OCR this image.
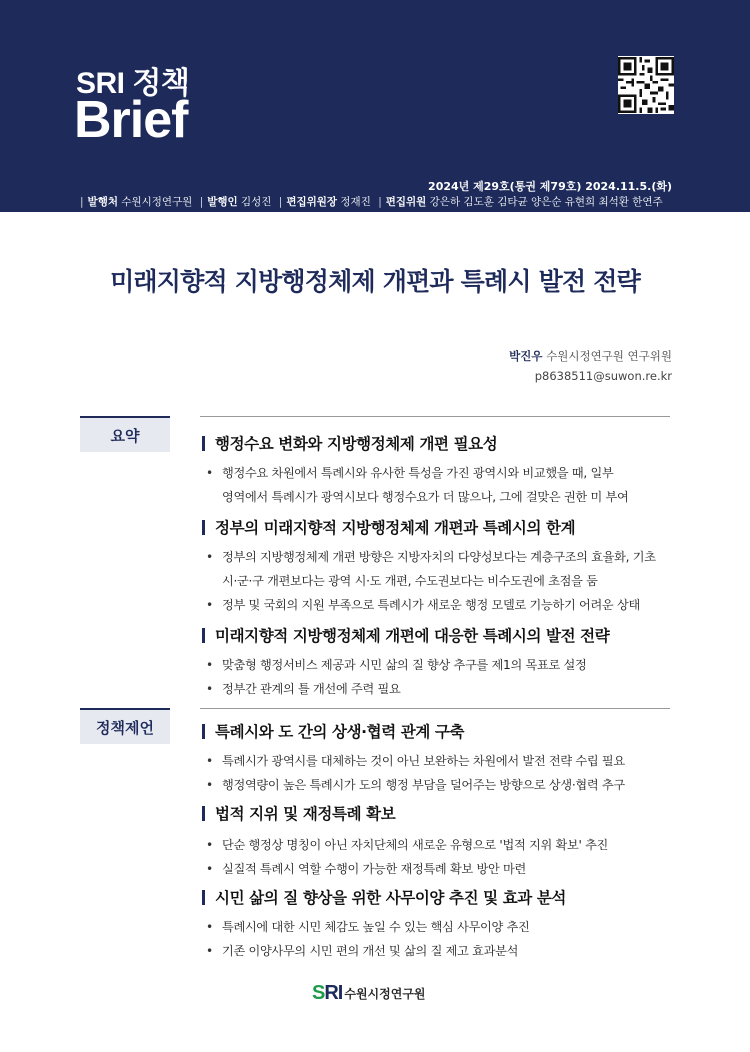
SRI 정책
Brief
2024년 제29호(통권 제79호) 2024.11.5.(화)
| 발행처 수원시정연구원 | 발행인 김성진 | 편집위원장 정재진 | 편집위원 강은하 김도훈 김타균 양은순 유현희 최석환 한연주
미래지향적 지방행정체제 개편과 특례시 발전 전략
박진우 수원시정연구원 연구위원
p8638511@suwon.re.kr
요약	행정수요 변화와 지방행정체제 개편 필요성
• 행정수요 차원에서 특례시와 유사한 특성을 가진 광역시와 비교했을 때, 일부
영역에서 특례시가 광역시보다 행정수요가 더 많으나, 그에 걸맞은 권한 미 부여
정부의 미래지향적 지방행정체제 개편과 특례시의 한계
• 정부의 지방행정체제 개편 방향은 지방자치의 다양성보다는 계층구조의 효율화, 기초
시·군·구 개편보다는 광역 시·도 개편, 수도권보다는 비수도권에 초점을 둠
• 정부 및 국회의 지원 부족으로 특례시가 새로운 행정 모델로 기능하기 어려운 상태
미래지향적 지방행정체제 개편에 대응한 특례시의 발전 전략
• 맞춤형 행정서비스 제공과 시민 삶의 질 향상 추구를 제1의 목표로 설정
• 정부간 관계의 틀 개선에 주력 필요
정책제언	특례시와 도 간의 상생·협력 관계 구축
• 특례시가 광역시를 대체하는 것이 아닌 보완하는 차원에서 발전 전략 수립 필요
• 행정역량이 높은 특례시가 도의 행정 부담을 덜어주는 방향으로 상생·협력 추구
법적 지위 및 재정특례 확보
• 단순 행정상 명칭이 아닌 자치단체의 새로운 유형으로 '법적 지위 확보' 추진
• 실질적 특례시 역할 수행이 가능한 재정특례 확보 방안 마련
시민 삶의 질 향상을 위한 사무이양 추진 및 효과 분석
• 특례시에 대한 시민 체감도 높일 수 있는 핵심 사무이양 추진
• 기존 이양사무의 시민 편의 개선 및 삶의 질 제고 효과분석
SRI 수원시정연구원
